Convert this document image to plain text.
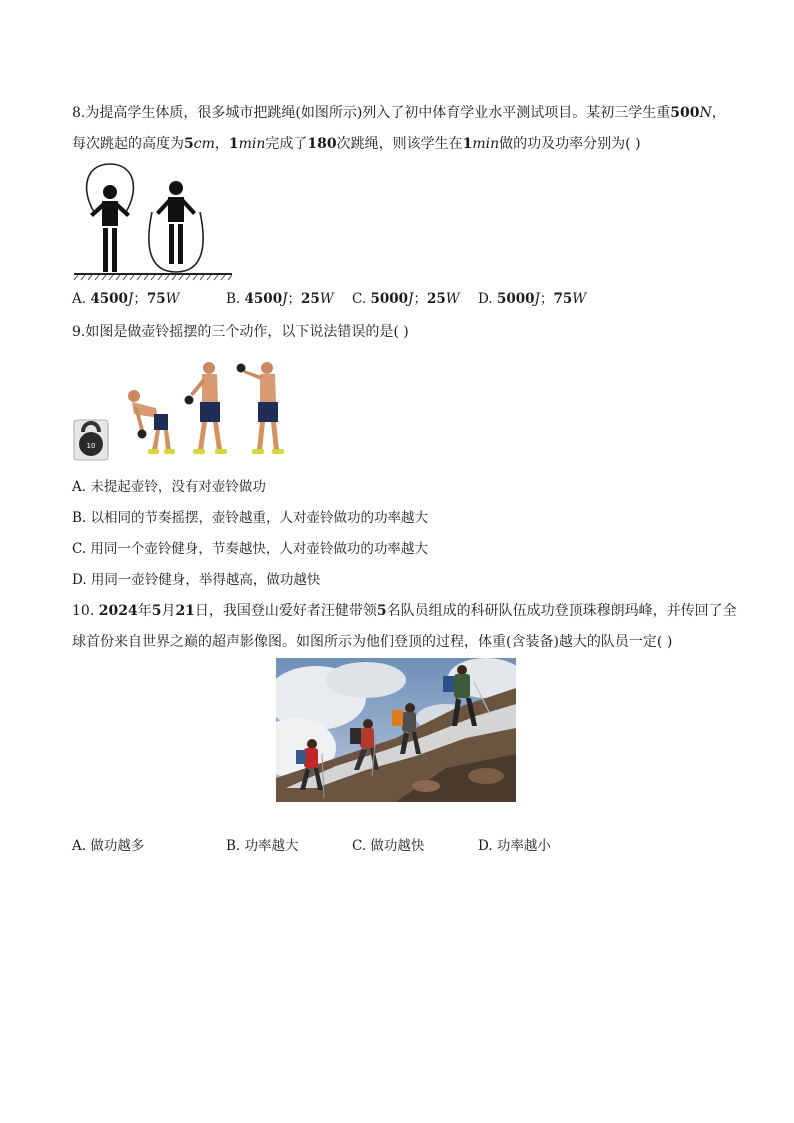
8.为提高学生体质，很多城市把跳绳(如图所示)列入了初中体育学业水平测试项目。某初三学生重500N，
每次跳起的高度为5cm，1min完成了180次跳绳，则该学生在1min做的功及功率分别为( )
A. 4500J；75W	B. 4500J；25W C. 5000J；25W D. 5000J；75W
9.如图是做壶铃摇摆的三个动作，以下说法错误的是( )
10
A. 未提起壶铃，没有对壶铃做功
B. 以相同的节奏摇摆，壶铃越重，人对壶铃做功的功率越大
C. 用同一个壶铃健身，节奏越快，人对壶铃做功的功率越大
D. 用同一壶铃健身，举得越高，做功越快
10. 2024年5月21日，我国登山爱好者汪健带领5名队员组成的科研队伍成功登顶珠穆朗玛峰，并传回了全
球首份来自世界之巅的超声影像图。如图所示为他们登顶的过程，体重(含装备)越大的队员一定( )
A. 做功越多	B. 功率越大	C. 做功越快	D. 功率越小
